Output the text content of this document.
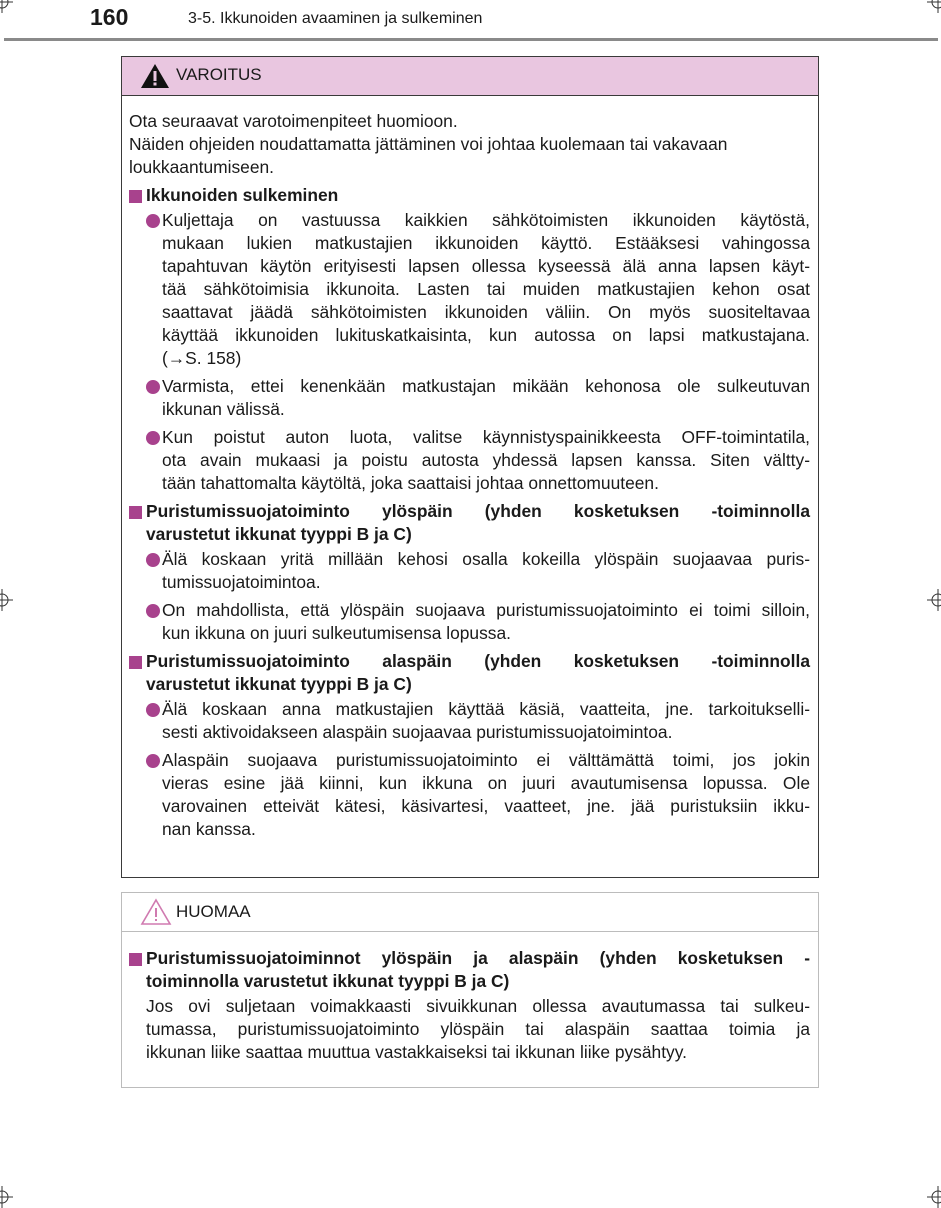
160	3-5. Ikkunoiden avaaminen ja sulkeminen
VAROITUS

Ota seuraavat varotoimenpiteet huomioon.

Näiden ohjeiden noudattamatta jättäminen voi johtaa kuolemaan tai vakavaan

loukkaantumiseen.

Ikkunoiden sulkeminen

Kuljettaja on vastuussa kaikkien sähkötoimisten ikkunoiden käytöstä,

mukaan lukien matkustajien ikkunoiden käyttö. Estääksesi vahingossa

tapahtuvan käytön erityisesti lapsen ollessa kyseessä älä anna lapsen käyt-

tää sähkötoimisia ikkunoita. Lasten tai muiden matkustajien kehon osat

saattavat jäädä sähkötoimisten ikkunoiden väliin. On myös suositeltavaa

käyttää ikkunoiden lukituskatkaisinta, kun autossa on lapsi matkustajana.

(→S. 158)

Varmista, ettei kenenkään matkustajan mikään kehonosa ole sulkeutuvan

ikkunan välissä.

Kun poistut auton luota, valitse käynnistyspainikkeesta OFF-toimintatila,

ota avain mukaasi ja poistu autosta yhdessä lapsen kanssa. Siten vältty-

tään tahattomalta käytöltä, joka saattaisi johtaa onnettomuuteen.

Puristumissuojatoiminto ylöspäin (yhden kosketuksen -toiminnolla

varustetut ikkunat tyyppi B ja C)

Älä koskaan yritä millään kehosi osalla kokeilla ylöspäin suojaavaa puris-

tumissuojatoimintoa.

On mahdollista, että ylöspäin suojaava puristumissuojatoiminto ei toimi silloin,

kun ikkuna on juuri sulkeutumisensa lopussa.

Puristumissuojatoiminto alaspäin (yhden kosketuksen -toiminnolla

varustetut ikkunat tyyppi B ja C)

Älä koskaan anna matkustajien käyttää käsiä, vaatteita, jne. tarkoitukselli-

sesti aktivoidakseen alaspäin suojaavaa puristumissuojatoimintoa.

Alaspäin suojaava puristumissuojatoiminto ei välttämättä toimi, jos jokin

vieras esine jää kiinni, kun ikkuna on juuri avautumisensa lopussa. Ole

varovainen etteivät kätesi, käsivartesi, vaatteet, jne. jää puristuksiin ikku-

nan kanssa.

HUOMAA

Puristumissuojatoiminnot ylöspäin ja alaspäin (yhden kosketuksen -

toiminnolla varustetut ikkunat tyyppi B ja C)

Jos ovi suljetaan voimakkaasti sivuikkunan ollessa avautumassa tai sulkeu-

tumassa, puristumissuojatoiminto ylöspäin tai alaspäin saattaa toimia ja

ikkunan liike saattaa muuttua vastakkaiseksi tai ikkunan liike pysähtyy.
